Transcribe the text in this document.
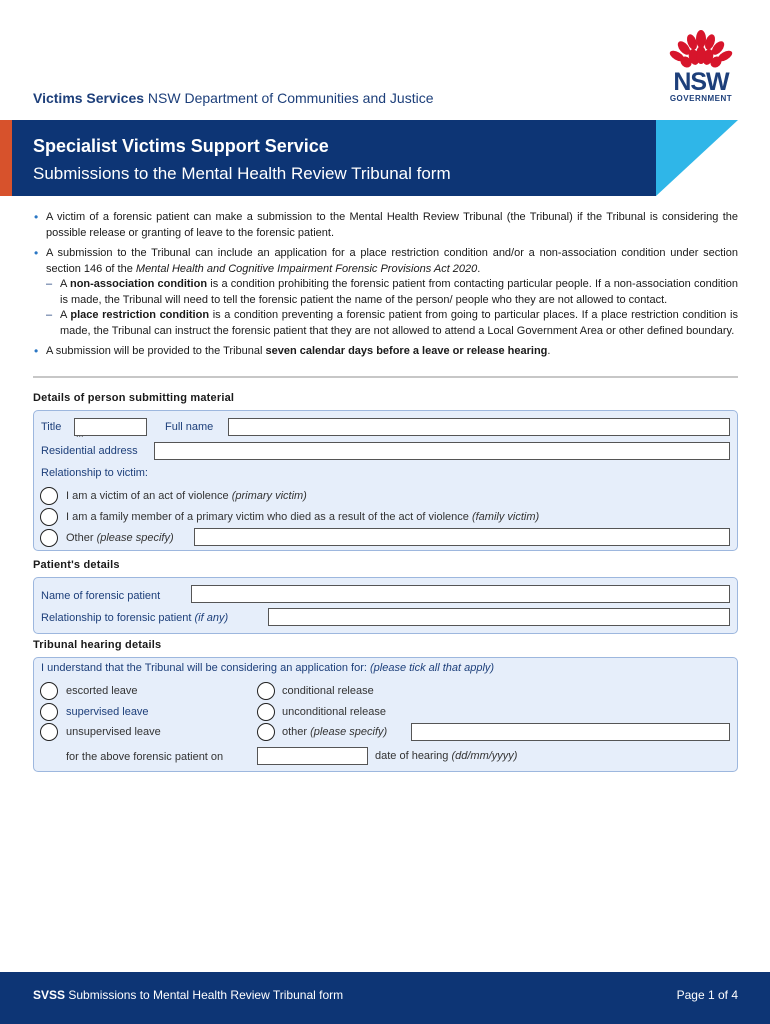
Victims Services NSW Department of Communities and Justice
NSW
GOVERNMENT
Specialist Victims Support Service
Submissions to the Mental Health Review Tribunal form
• A victim of a forensic patient can make a submission to the Mental Health Review Tribunal (the Tribunal) if the Tribunal is considering the possible release or granting of leave to the forensic patient.
• A submission to the Tribunal can include an application for a place restriction condition and/or a non-association condition under section section 146 of the Mental Health and Cognitive Impairment Forensic Provisions Act 2020.
– A non-association condition is a condition prohibiting the forensic patient from contacting particular people. If a non-association condition is made, the Tribunal will need to tell the forensic patient the name of the person/ people who they are not allowed to contact.
– A place restriction condition is a condition preventing a forensic patient from going to particular places. If a place restriction condition is made, the Tribunal can instruct the forensic patient that they are not allowed to attend a Local Government Area or other defined boundary.
• A submission will be provided to the Tribunal seven calendar days before a leave or release hearing.
Details of person submitting material
Title
...
Full name
Residential address
Relationship to victim:
I am a victim of an act of violence (primary victim)
I am a family member of a primary victim who died as a result of the act of violence (family victim)
Other (please specify)
Patient's details
Name of forensic patient
Relationship to forensic patient (if any)
Tribunal hearing details
I understand that the Tribunal will be considering an application for: (please tick all that apply)
escorted leave
supervised leave
unsupervised leave
conditional release
unconditional release
other (please specify)
for the above forensic patient on	date of hearing (dd/mm/yyyy)
SVSS Submissions to Mental Health Review Tribunal form	Page 1 of 4
